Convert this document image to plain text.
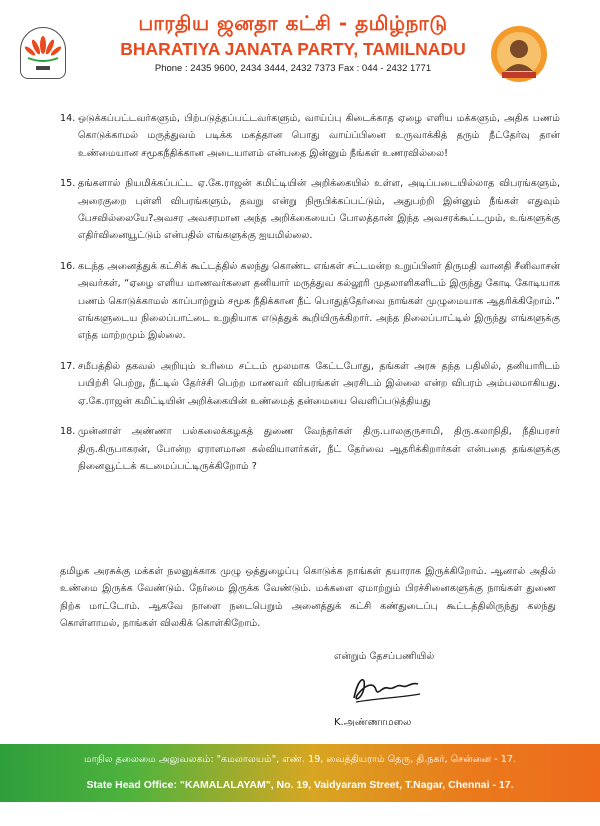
பாரதிய ஜனதா கட்சி - தமிழ்நாடு
BHARATIYA JANATA PARTY, TAMILNADU
Phone : 2435 9600, 2434 3444, 2432 7373 Fax : 044 - 2432 1771
14. ஒடுக்கப்பட்டவர்களும், பிற்படுத்தப்பட்டவர்களும், வாய்ப்பு கிடைக்காத ஏழை எளிய மக்களும், அதிக பணம் கொடுக்காமல் மருத்துவம் படிக்க மகத்தான பொது வாய்ப்பினை உருவாக்கித் தரும் நீட்தேர்வு தான் உண்மையான சமூகநீதிக்கான அடையாளம் என்பதை இன்னும் நீங்கள் உணரவில்லை!
15. தங்களால் நியமிக்கப்பட்ட ஏ.கே.ராஜன் கமிட்டியின் அறிக்கையில் உள்ள, அடிப்படையில்லாத விபரங்களும், அரைகுறை புள்ளி விபரங்களும், தவறு என்று நிரூபிக்கப்பட்டும், அதுபற்றி இன்னும் நீங்கள் எதுவும் பேசவில்லையே?அவசர அவசரமான அந்த அறிக்கையைப் போலத்தான் இந்த அவசரக்கூட்டமும், உங்களுக்கு எதிர்வினையூட்டும் என்பதில் எங்களுக்கு ஐயமில்லை.
16. கடந்த அனைத்துக் கட்சிக் கூட்டத்தில் கலந்து கொண்ட எங்கள் சட்டமன்ற உறுப்பினர் திருமதி வானதி சீனிவாசன் அவர்கள், “ஏழை எளிய மாணவர்களை தனியார் மருத்துவ கல்லூரி முதலாளிகளிடம் இருந்து கோடி கோடியாக பணம் கொடுக்காமல் காப்பாற்றும் சமூக நீதிக்கான நீட் பொதுத்தேர்வை நாங்கள் முழுமையாக ஆதரிக்கிறோம்.” எங்களுடைய நிலைப்பாட்டை உறுதியாக எடுத்துக் கூறியிருக்கிறார். அந்த நிலைப்பாட்டில் இருந்து எங்களுக்கு எந்த மாற்றமும் இல்லை.
17. சமீபத்தில் தகவல் அறியும் உரிமை சட்டம் மூலமாக கேட்டபோது, தங்கள் அரசு தந்த பதிலில், தனியாரிடம் பயிற்சி பெற்று, நீட்டில் தேர்ச்சி பெற்ற மாணவர் விபரங்கள் அரசிடம் இல்லை என்ற விபரம் அம்பலமாகியது. ஏ.கே.ராஜன் கமிட்டியின் அறிக்கையின் உண்மைத் தன்மையை வெளிப்படுத்தியது
18. முன்னாள் அண்ணா பல்கலைக்கழகத் துணை வேந்தர்கள் திரு.பாலகுருசாமி, திரு.கலாநிதி, நீதியரசர் திரு.கிருபாகரன், போன்ற ஏராளமான கல்வியாளர்கள், நீட் தேர்வை ஆதரிக்கிறார்கள் என்பதை தங்களுக்கு நினைவூட்டக் கடமைப்பட்டிருக்கிறோம் ?
தமிழக அரசுக்கு மக்கள் நலனுக்காக முழு ஒத்துழைப்பு கொடுக்க நாங்கள் தயாராக இருக்கிறோம். ஆனால் அதில் உண்மை இருக்க வேண்டும். நேர்மை இருக்க வேண்டும். மக்களை ஏமாற்றும் பிரச்சினைகளுக்கு நாங்கள் துணை நிற்க மாட்டோம். ஆகவே நாளை நடைபெறும் அனைத்துக் கட்சி கண்துடைப்பு கூட்டத்திலிருந்து கலந்து கொள்ளாமல், நாங்கள் விலகிக் கொள்கிறோம்.
என்றும் தேசப்பணியில்
K.அண்ணாமலை
மாநில தலைமை அலுவலகம்: "கமலாலயம்", எண். 19, வைத்தியராம் தெரு, தி.நகர், சென்னை - 17.
State Head Office: "KAMALALAYAM", No. 19, Vaidyaram Street, T.Nagar, Chennai - 17.
